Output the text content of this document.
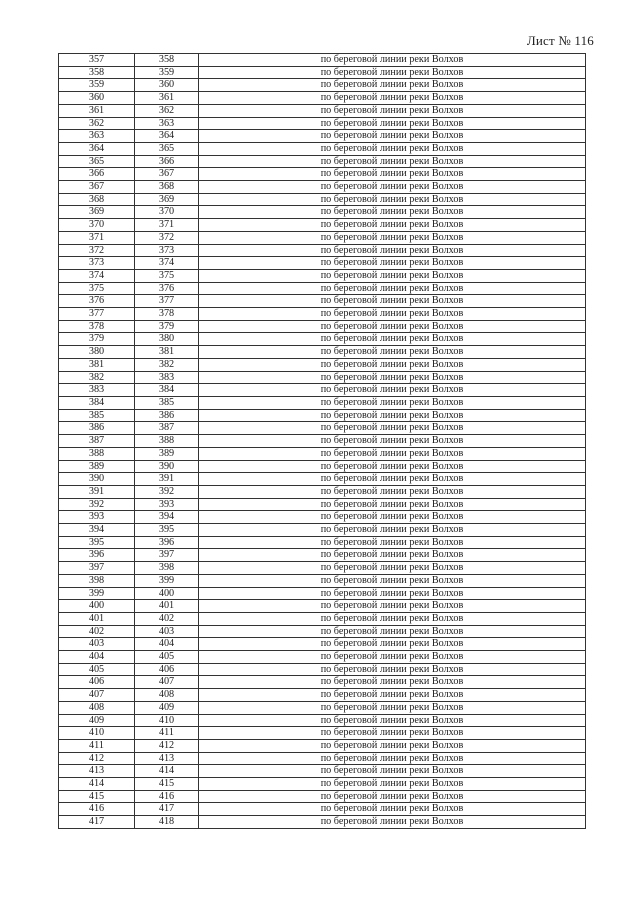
Лист № 116
357	358	по береговой линии реки Волхов
358	359	по береговой линии реки Волхов
359	360	по береговой линии реки Волхов
360	361	по береговой линии реки Волхов
361	362	по береговой линии реки Волхов
362	363	по береговой линии реки Волхов
363	364	по береговой линии реки Волхов
364	365	по береговой линии реки Волхов
365	366	по береговой линии реки Волхов
366	367	по береговой линии реки Волхов
367	368	по береговой линии реки Волхов
368	369	по береговой линии реки Волхов
369	370	по береговой линии реки Волхов
370	371	по береговой линии реки Волхов
371	372	по береговой линии реки Волхов
372	373	по береговой линии реки Волхов
373	374	по береговой линии реки Волхов
374	375	по береговой линии реки Волхов
375	376	по береговой линии реки Волхов
376	377	по береговой линии реки Волхов
377	378	по береговой линии реки Волхов
378	379	по береговой линии реки Волхов
379	380	по береговой линии реки Волхов
380	381	по береговой линии реки Волхов
381	382	по береговой линии реки Волхов
382	383	по береговой линии реки Волхов
383	384	по береговой линии реки Волхов
384	385	по береговой линии реки Волхов
385	386	по береговой линии реки Волхов
386	387	по береговой линии реки Волхов
387	388	по береговой линии реки Волхов
388	389	по береговой линии реки Волхов
389	390	по береговой линии реки Волхов
390	391	по береговой линии реки Волхов
391	392	по береговой линии реки Волхов
392	393	по береговой линии реки Волхов
393	394	по береговой линии реки Волхов
394	395	по береговой линии реки Волхов
395	396	по береговой линии реки Волхов
396	397	по береговой линии реки Волхов
397	398	по береговой линии реки Волхов
398	399	по береговой линии реки Волхов
399	400	по береговой линии реки Волхов
400	401	по береговой линии реки Волхов
401	402	по береговой линии реки Волхов
402	403	по береговой линии реки Волхов
403	404	по береговой линии реки Волхов
404	405	по береговой линии реки Волхов
405	406	по береговой линии реки Волхов
406	407	по береговой линии реки Волхов
407	408	по береговой линии реки Волхов
408	409	по береговой линии реки Волхов
409	410	по береговой линии реки Волхов
410	411	по береговой линии реки Волхов
411	412	по береговой линии реки Волхов
412	413	по береговой линии реки Волхов
413	414	по береговой линии реки Волхов
414	415	по береговой линии реки Волхов
415	416	по береговой линии реки Волхов
416	417	по береговой линии реки Волхов
417	418	по береговой линии реки Волхов
